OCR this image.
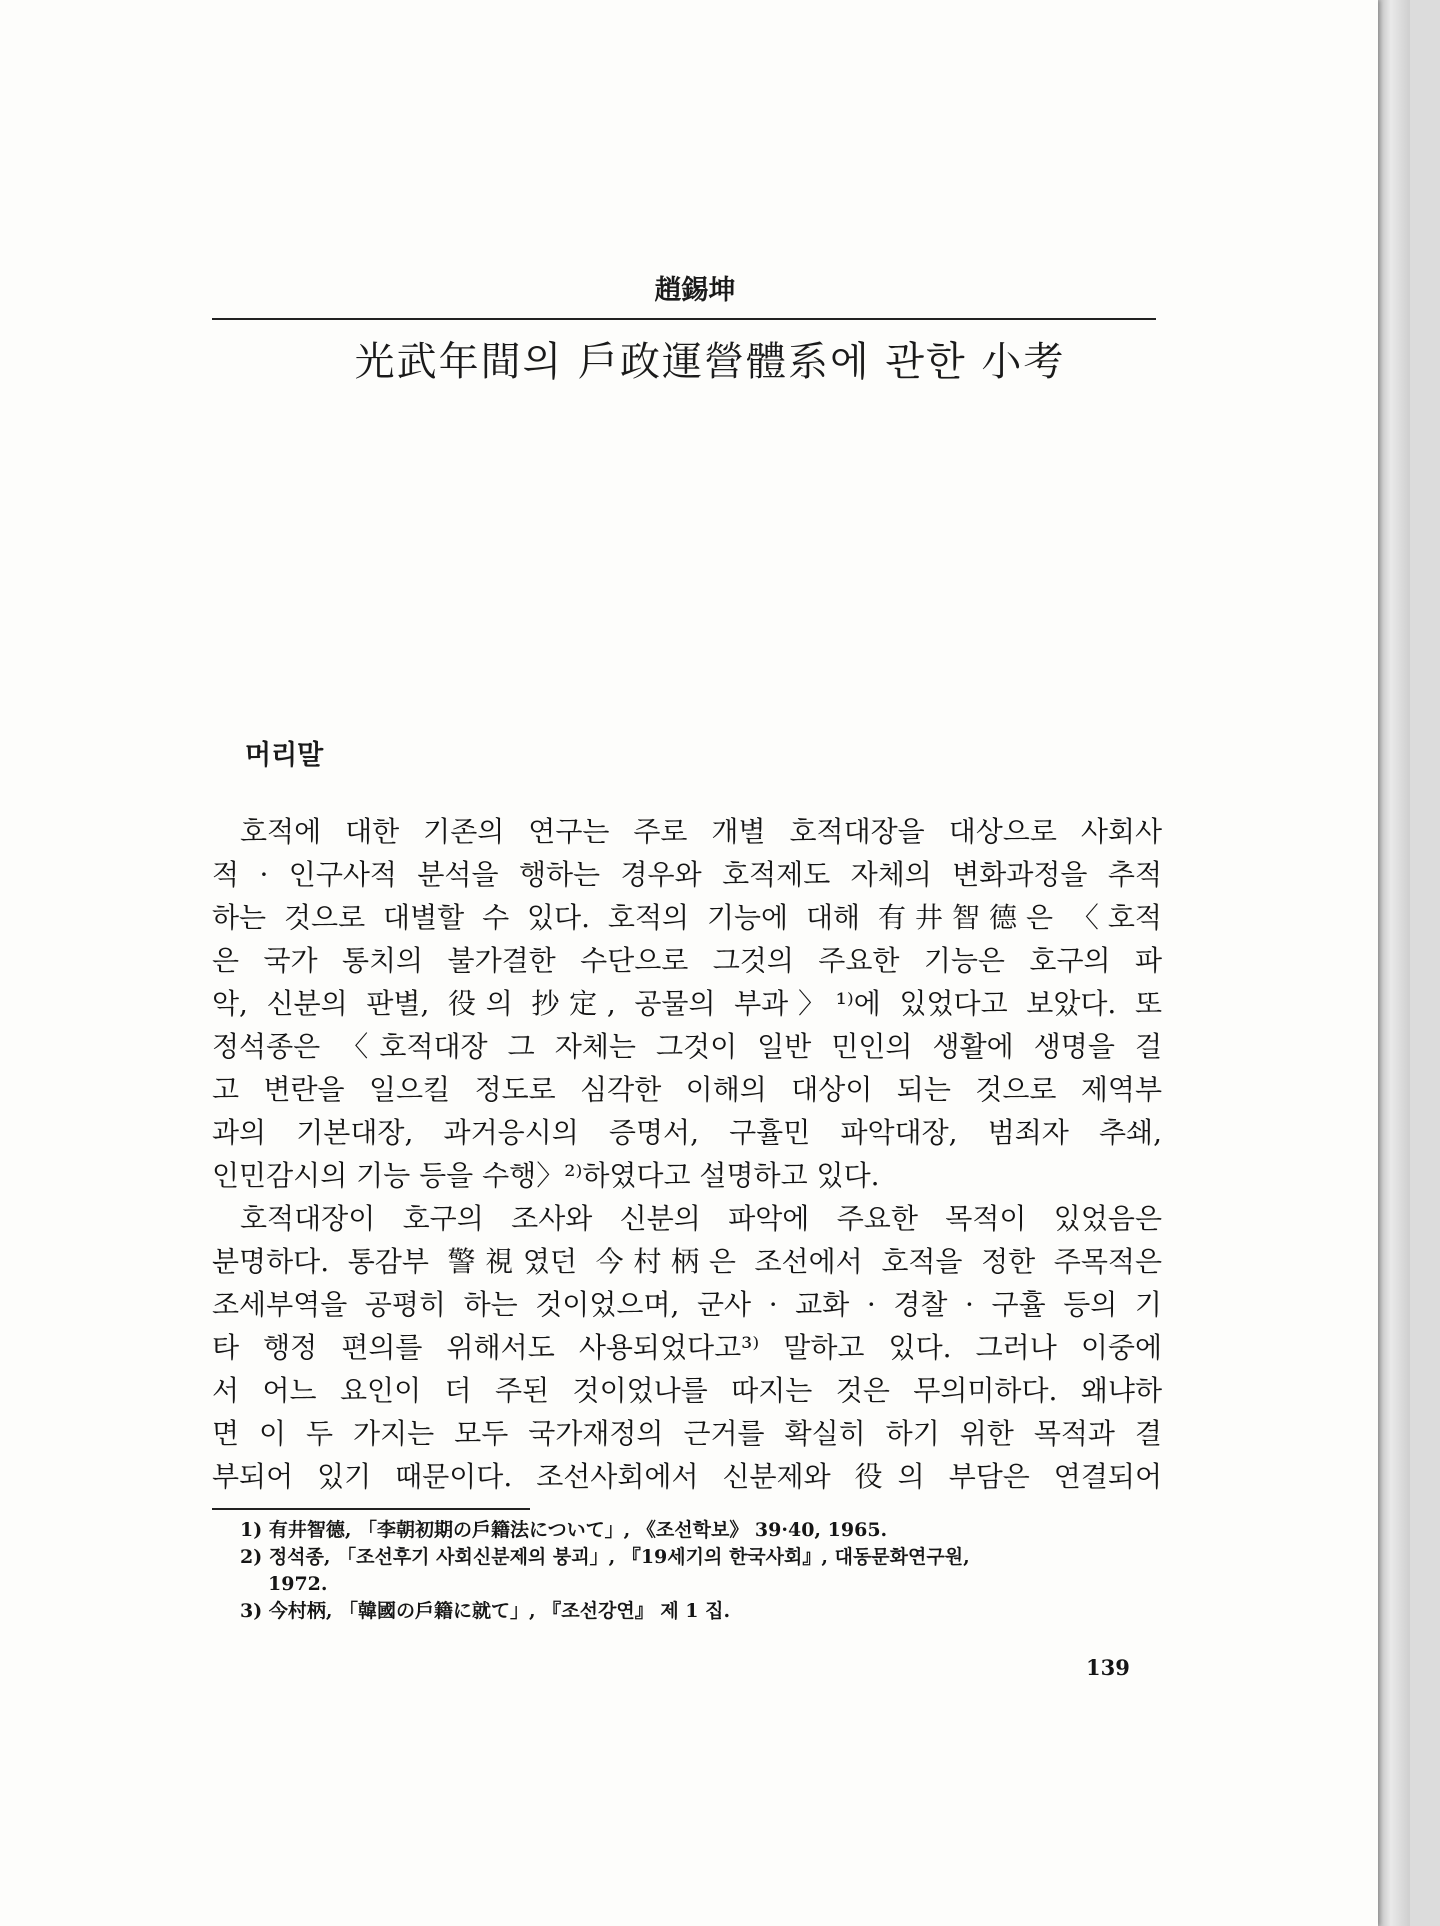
趙錫坤
光武年間의 戶政運營體系에 관한 小考
머리말
호적에 대한 기존의 연구는 주로 개별 호적대장을 대상으로 사회사
적 · 인구사적 분석을 행하는 경우와 호적제도 자체의 변화과정을 추적
하는 것으로 대별할 수 있다. 호적의 기능에 대해 有井智德은 〈호적
은 국가 통치의 불가결한 수단으로 그것의 주요한 기능은 호구의 파
악, 신분의 판별, 役의 抄定, 공물의 부과〉¹⁾에 있었다고 보았다. 또
정석종은 〈호적대장 그 자체는 그것이 일반 민인의 생활에 생명을 걸
고 변란을 일으킬 정도로 심각한 이해의 대상이 되는 것으로 제역부
과의 기본대장, 과거응시의 증명서, 구휼민 파악대장, 범죄자 추쇄,
인민감시의 기능 등을 수행〉²⁾하였다고 설명하고 있다.
호적대장이 호구의 조사와 신분의 파악에 주요한 목적이 있었음은
분명하다. 통감부 警視였던 今村柄은 조선에서 호적을 정한 주목적은
조세부역을 공평히 하는 것이었으며, 군사 · 교화 · 경찰 · 구휼 등의 기
타 행정 편의를 위해서도 사용되었다고³⁾ 말하고 있다. 그러나 이중에
서 어느 요인이 더 주된 것이었나를 따지는 것은 무의미하다. 왜냐하
면 이 두 가지는 모두 국가재정의 근거를 확실히 하기 위한 목적과 결
부되어 있기 때문이다. 조선사회에서 신분제와 役의 부담은 연결되어
1) 有井智德, 「李朝初期の戶籍法について」, 《조선학보》 39·40, 1965.
2) 정석종, 「조선후기 사회신분제의 붕괴」, 『19세기의 한국사회』, 대동문화연구원,
1972.
3) 今村柄, 「韓國の戶籍に就て」, 『조선강연』 제 1 집.
139
